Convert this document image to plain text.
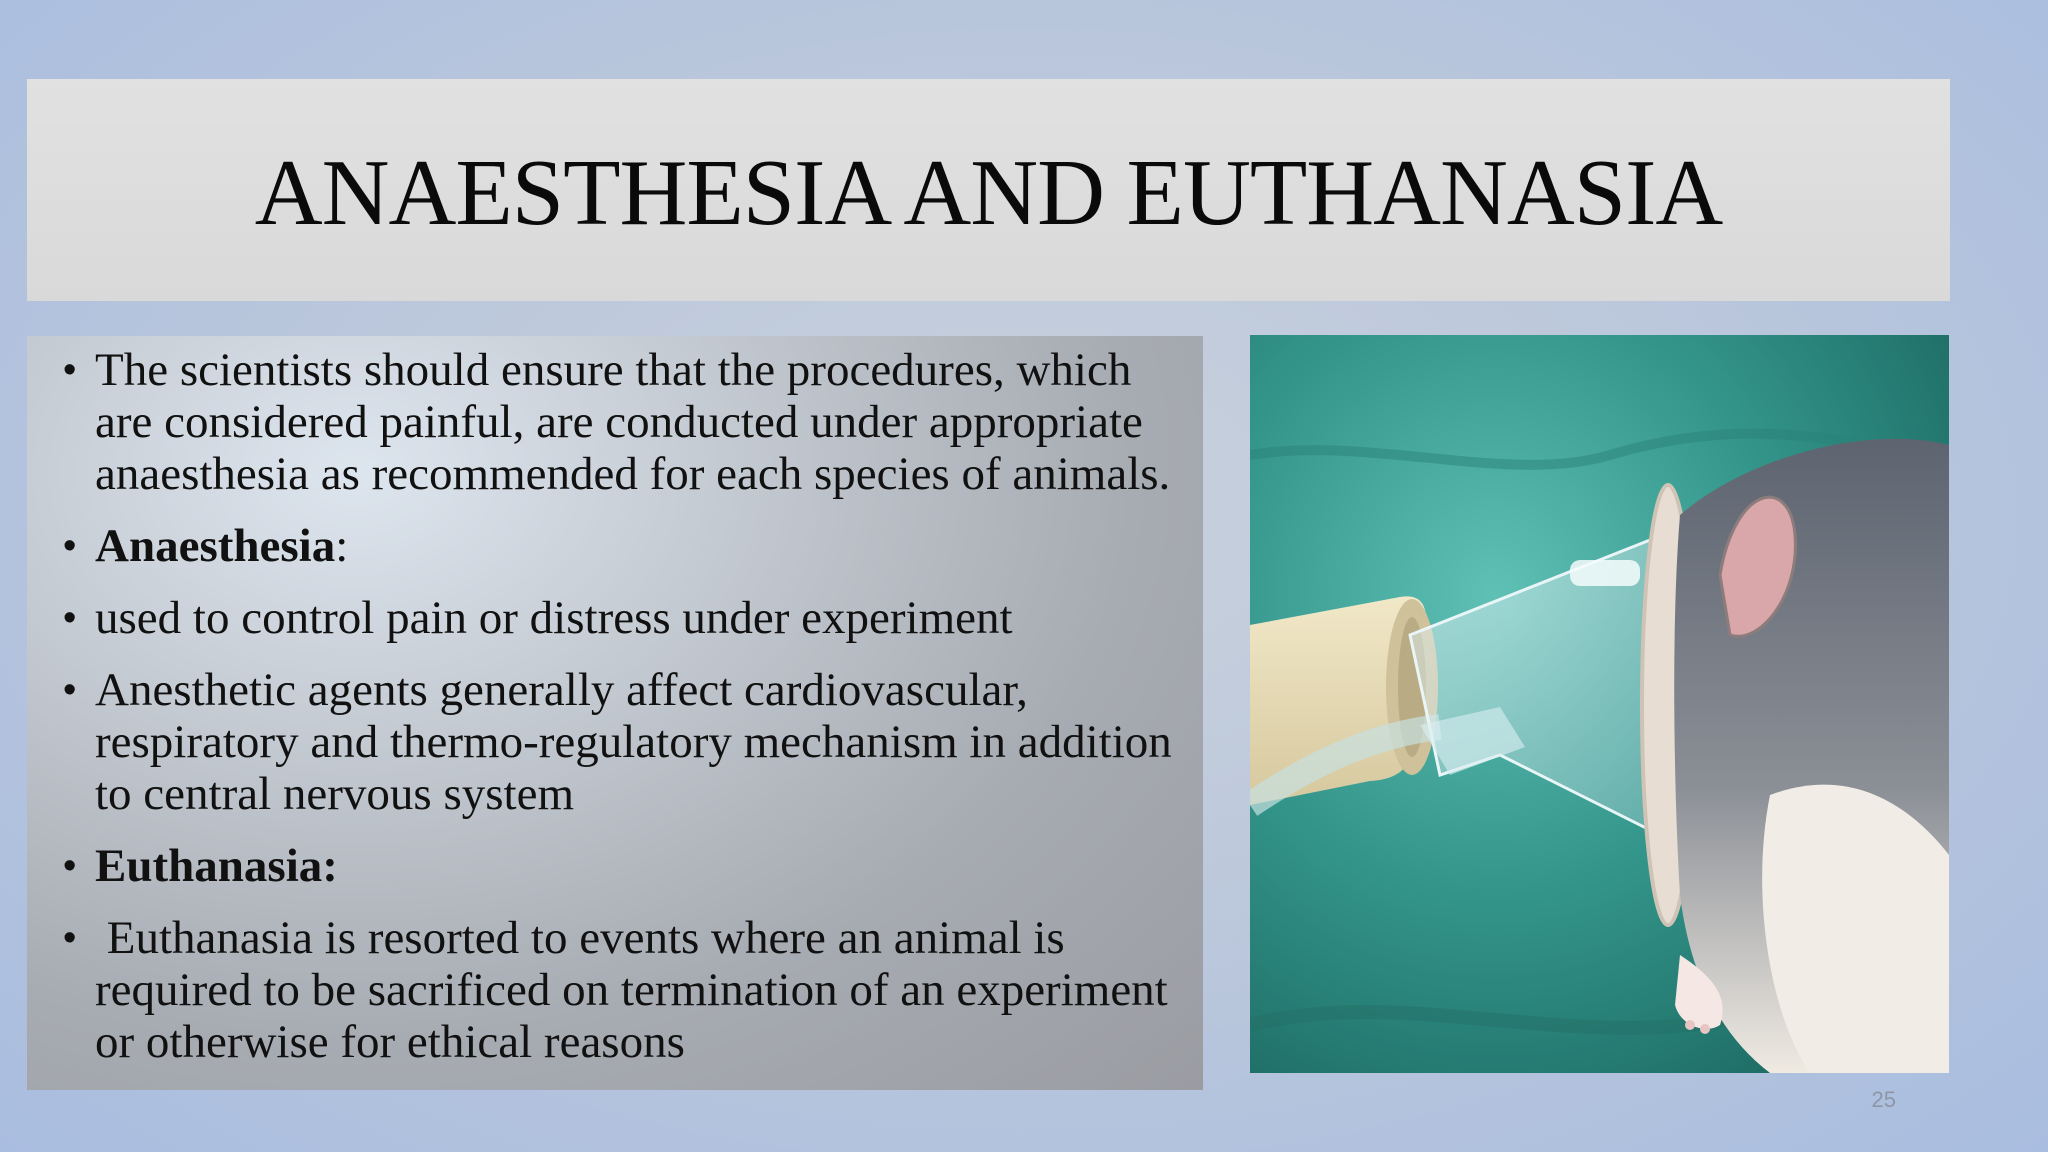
ANAESTHESIA AND EUTHANASIA
• The scientists should ensure that the procedures, which are considered painful, are conducted under appropriate anaesthesia as recommended for each species of animals.
• Anaesthesia:
• used to control pain or distress under experiment
• Anesthetic agents generally affect cardiovascular, respiratory and thermo-regulatory mechanism in addition to central nervous system
• Euthanasia:
• Euthanasia is resorted to events where an animal is required to be sacrificed on termination of an experiment or otherwise for ethical reasons
25
